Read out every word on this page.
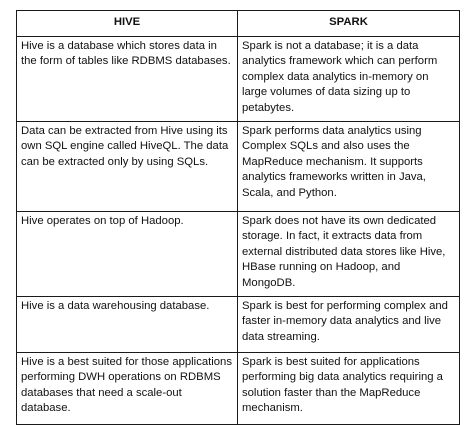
HIVE	SPARK
Hive is a database which stores data in the form of tables like RDBMS databases.	Spark is not a database; it is a data analytics framework which can perform complex data analytics in-memory on large volumes of data sizing up to petabytes.
Data can be extracted from Hive using its own SQL engine called HiveQL. The data can be extracted only by using SQLs.	Spark performs data analytics using Complex SQLs and also uses the MapReduce mechanism. It supports analytics frameworks written in Java, Scala, and Python.
Hive operates on top of Hadoop.	Spark does not have its own dedicated storage. In fact, it extracts data from external distributed data stores like Hive, HBase running on Hadoop, and MongoDB.
Hive is a data warehousing database.	Spark is best for performing complex and faster in-memory data analytics and live data streaming.
Hive is a best suited for those applications performing DWH operations on RDBMS databases that need a scale-out database.	Spark is best suited for applications performing big data analytics requiring a solution faster than the MapReduce mechanism.
